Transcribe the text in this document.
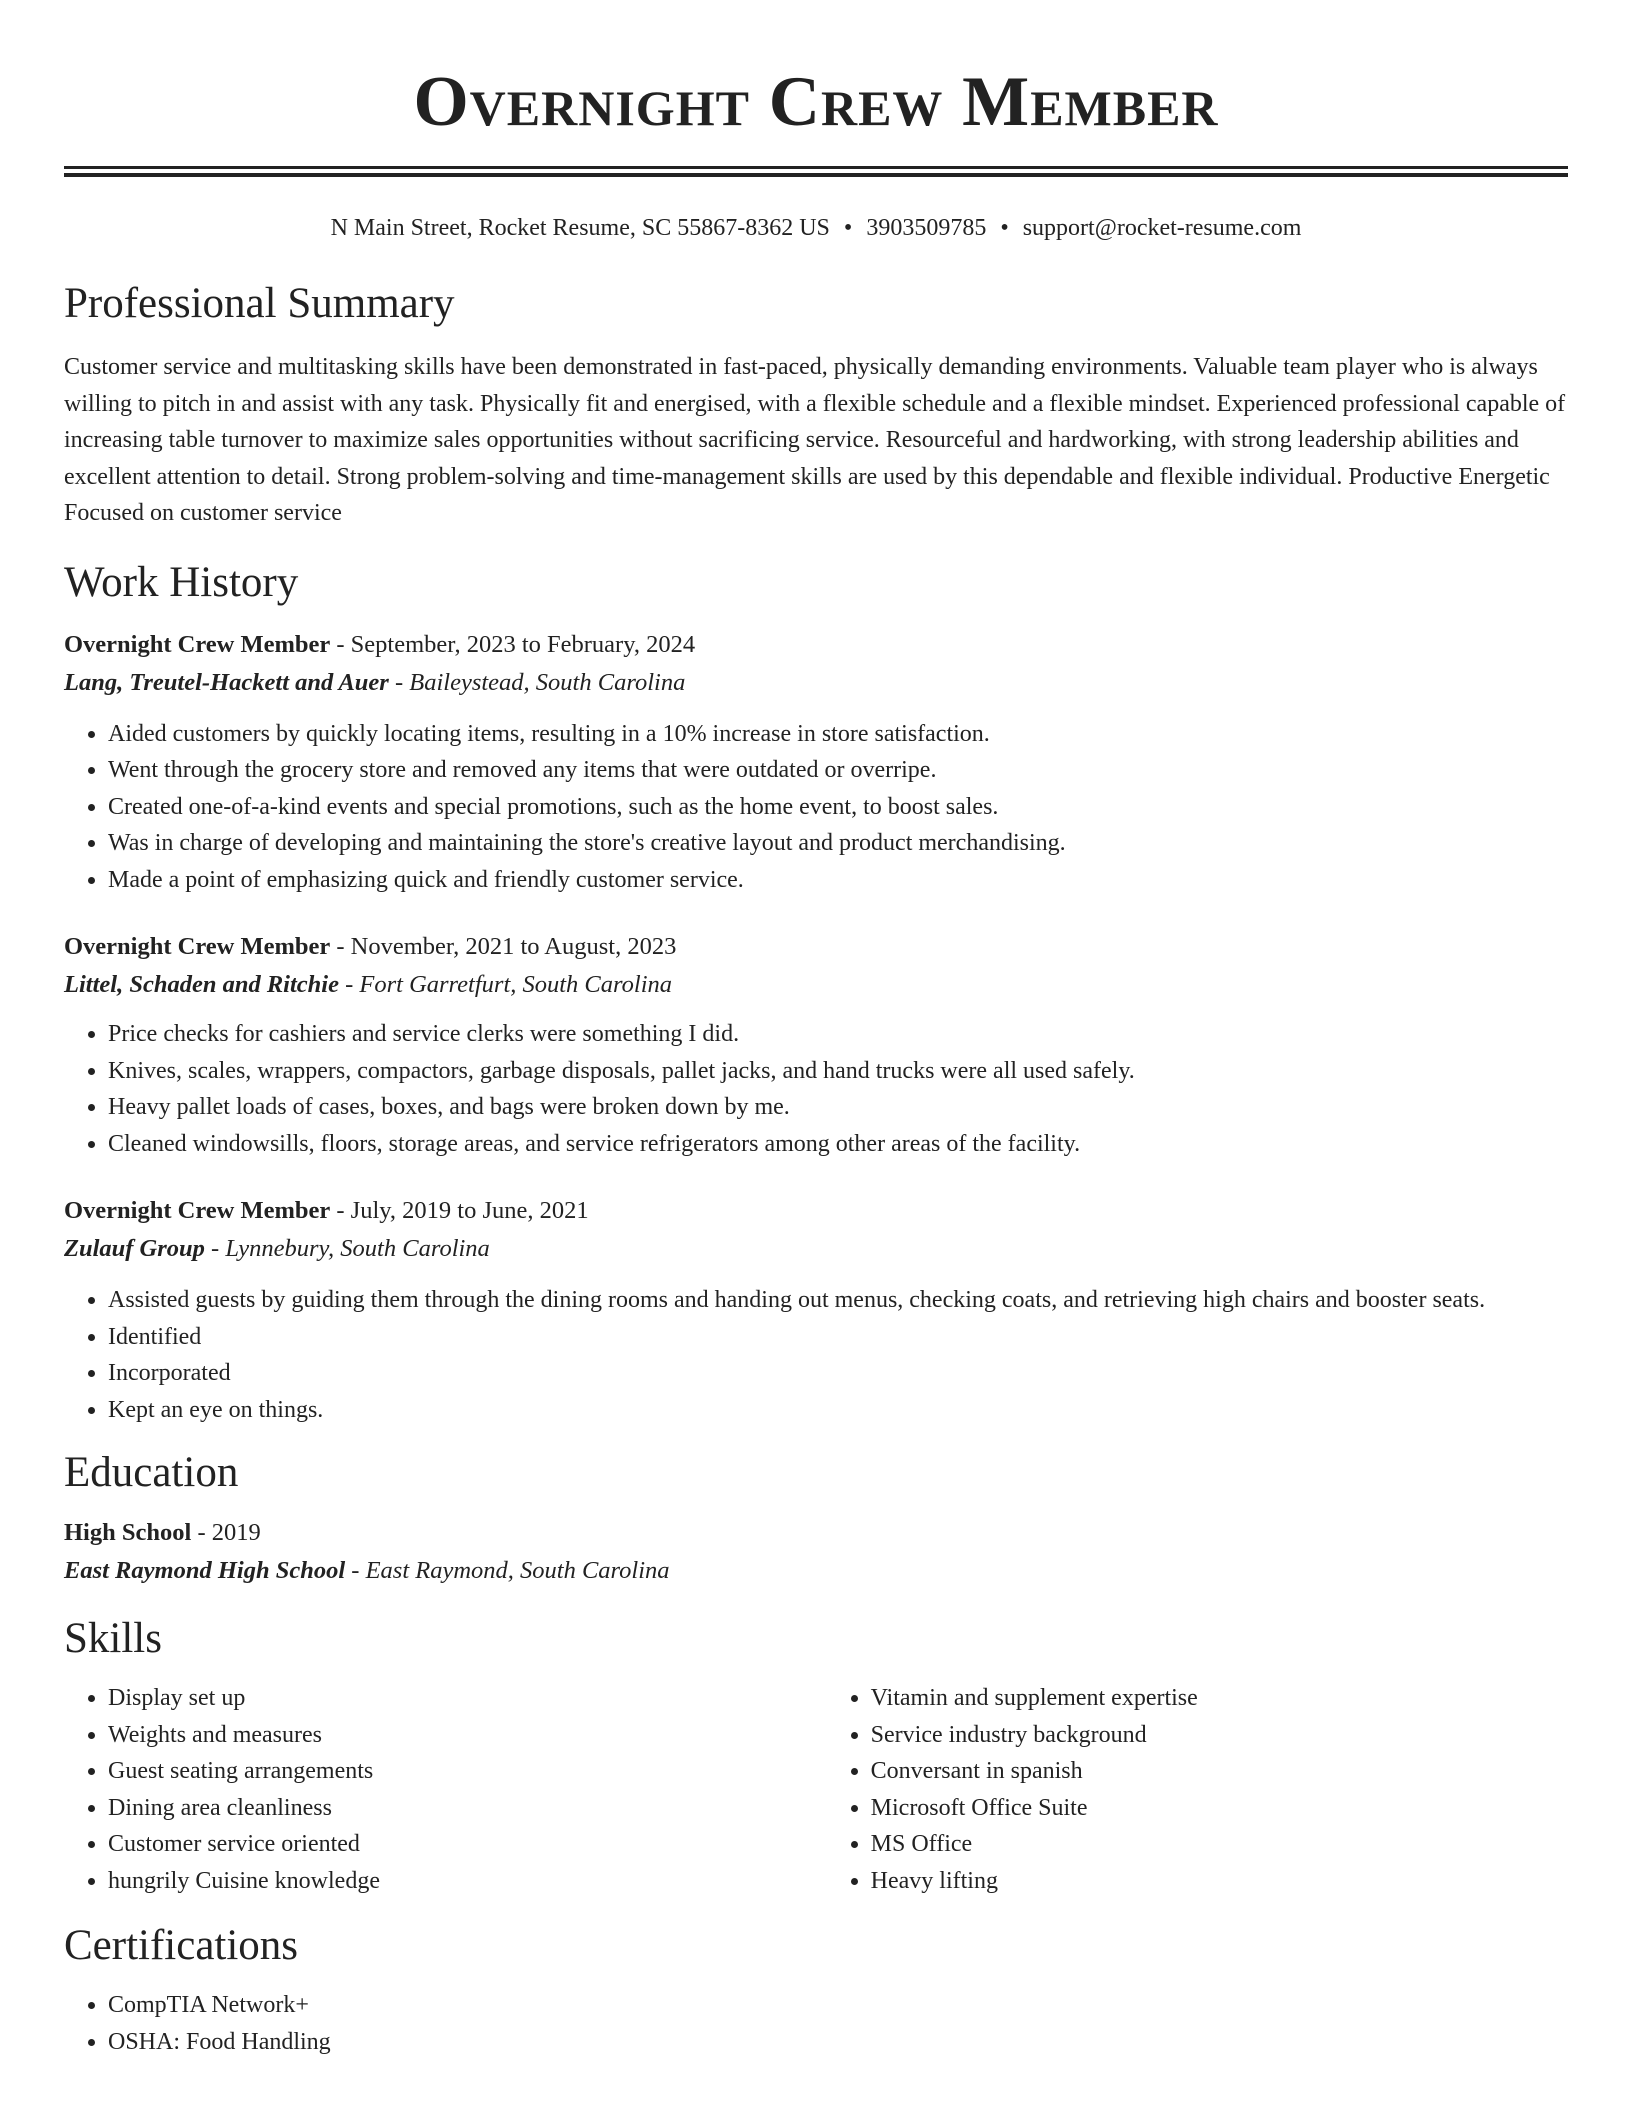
Overnight Crew Member
N Main Street, Rocket Resume, SC 55867-8362 US • 3903509785 • support@rocket-resume.com
Professional Summary

Customer service and multitasking skills have been demonstrated in fast-paced, physically demanding environments. Valuable team player who is always willing to pitch in and assist with any task. Physically fit and energised, with a flexible schedule and a flexible mindset. Experienced professional capable of increasing table turnover to maximize sales opportunities without sacrificing service. Resourceful and hardworking, with strong leadership abilities and excellent attention to detail. Strong problem-solving and time-management skills are used by this dependable and flexible individual. Productive Energetic Focused on customer service

Work History
Overnight Crew Member - September, 2023 to February, 2024
Lang, Treutel-Hackett and Auer - Baileystead, South Carolina
• Aided customers by quickly locating items, resulting in a 10% increase in store satisfaction.
• Went through the grocery store and removed any items that were outdated or overripe.
• Created one-of-a-kind events and special promotions, such as the home event, to boost sales.
• Was in charge of developing and maintaining the store's creative layout and product merchandising.
• Made a point of emphasizing quick and friendly customer service.
Overnight Crew Member - November, 2021 to August, 2023
Littel, Schaden and Ritchie - Fort Garretfurt, South Carolina
• Price checks for cashiers and service clerks were something I did.
• Knives, scales, wrappers, compactors, garbage disposals, pallet jacks, and hand trucks were all used safely.
• Heavy pallet loads of cases, boxes, and bags were broken down by me.
• Cleaned windowsills, floors, storage areas, and service refrigerators among other areas of the facility.
Overnight Crew Member - July, 2019 to June, 2021
Zulauf Group - Lynnebury, South Carolina
• Assisted guests by guiding them through the dining rooms and handing out menus, checking coats, and retrieving high chairs and booster seats.
• Identified
• Incorporated
• Kept an eye on things.
Education
High School - 2019
East Raymond High School - East Raymond, South Carolina
Skills
• Display set up
• Weights and measures
• Guest seating arrangements
• Dining area cleanliness
• Customer service oriented
• hungrily Cuisine knowledge
• Vitamin and supplement expertise
• Service industry background
• Conversant in spanish
• Microsoft Office Suite
• MS Office
• Heavy lifting
Certifications
• CompTIA Network+
• OSHA: Food Handling
